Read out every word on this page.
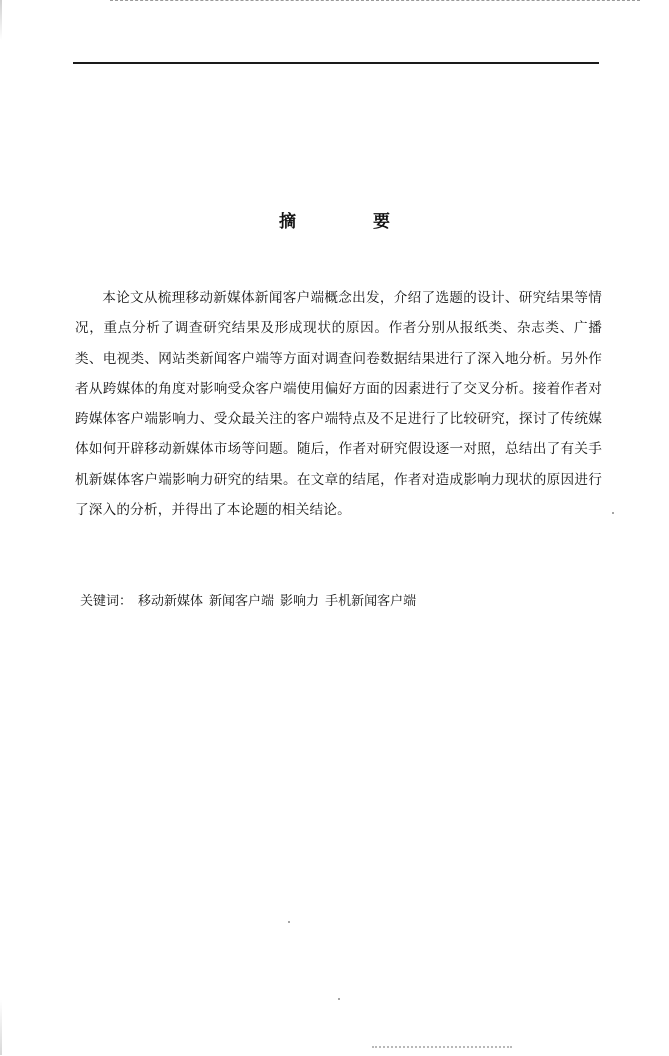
摘　要

本论文从梳理移动新媒体新闻客户端概念出发，介绍了选题的设计、研究结果等情况，重点分析了调查研究结果及形成现状的原因。作者分别从报纸类、杂志类、广播类、电视类、网站类新闻客户端等方面对调查问卷数据结果进行了深入地分析。另外作者从跨媒体的角度对影响受众客户端使用偏好方面的因素进行了交叉分析。接着作者对跨媒体客户端影响力、受众最关注的客户端特点及不足进行了比较研究，探讨了传统媒体如何开辟移动新媒体市场等问题。随后，作者对研究假设逐一对照，总结出了有关手机新媒体客户端影响力研究的结果。在文章的结尾，作者对造成影响力现状的原因进行了深入的分析，并得出了本论题的相关结论。

关键词： 移动新媒体 新闻客户端 影响力 手机新闻客户端
